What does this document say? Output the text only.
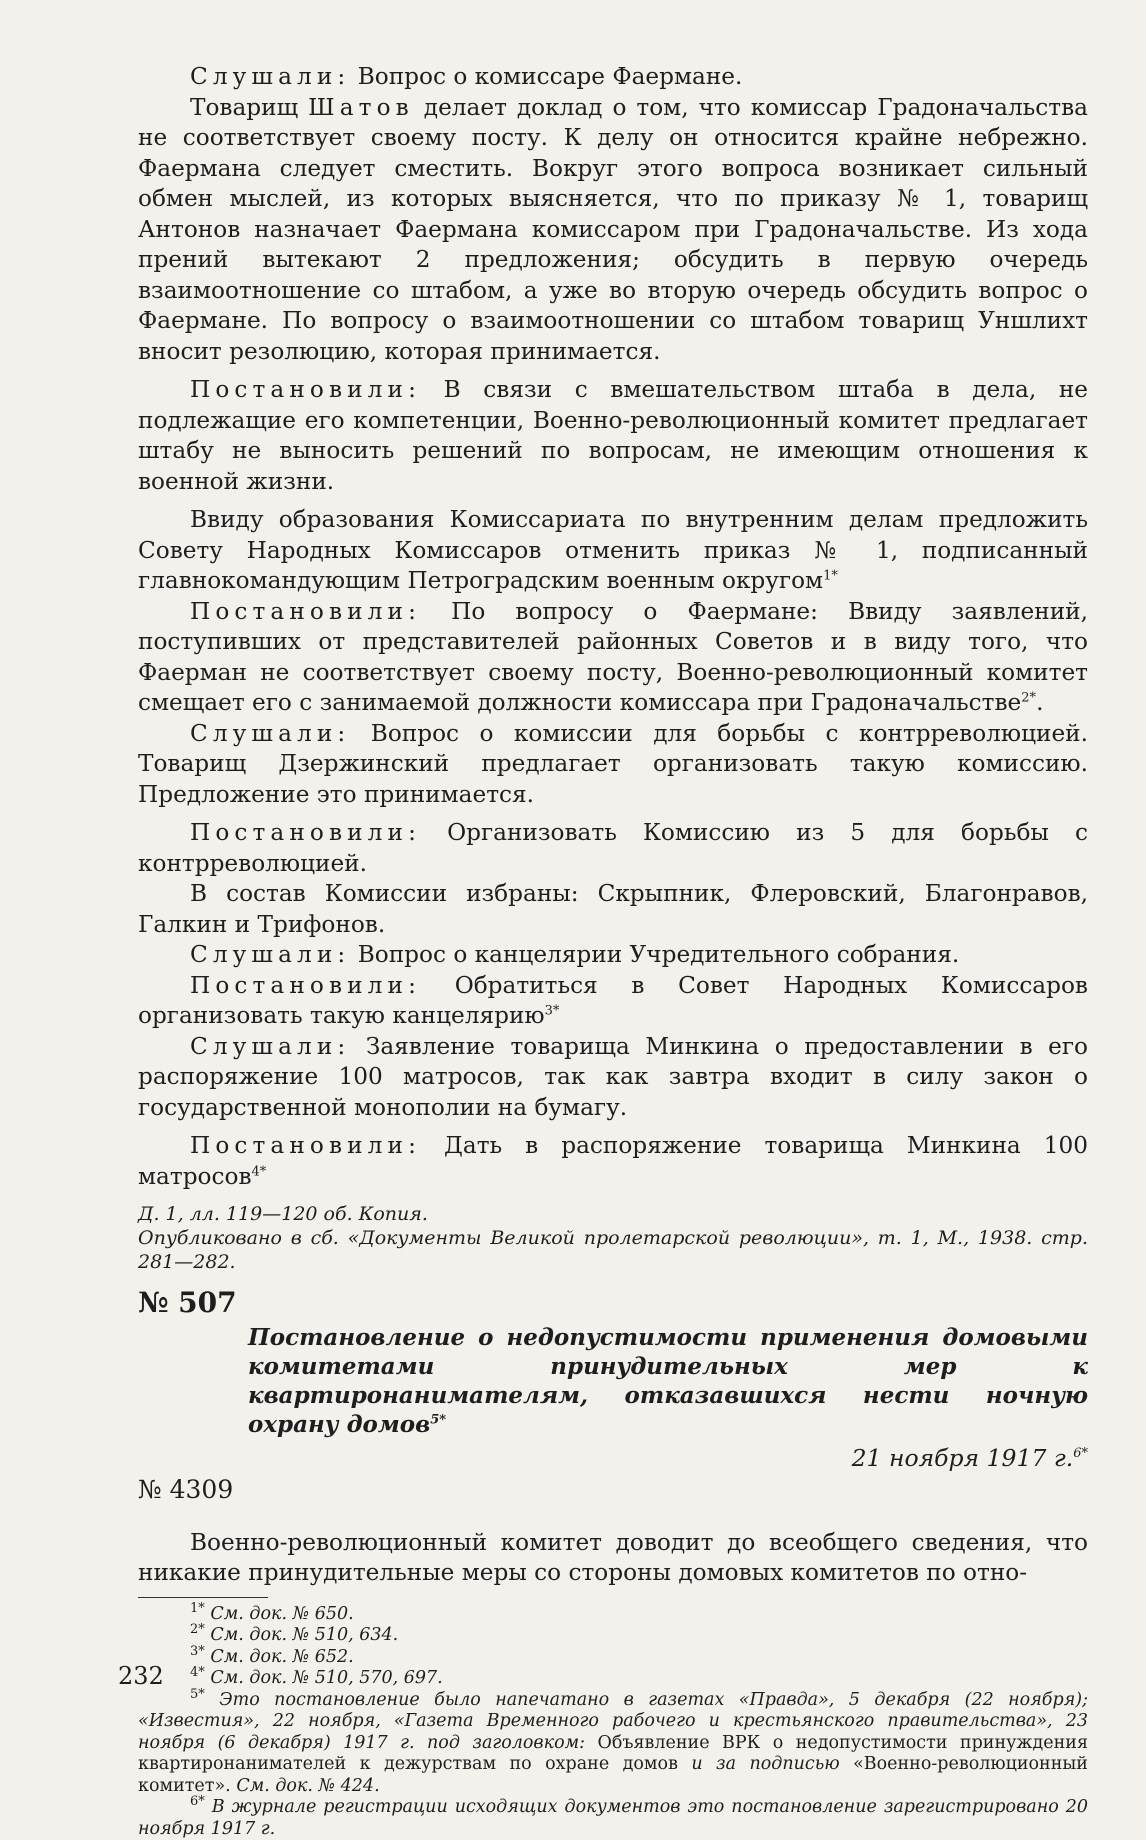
Слушали: Вопрос о комиссаре Фаермане.

Товарищ Шатов делает доклад о том, что комиссар Градоначальства не соответствует своему посту. К делу он относится крайне небрежно. Фаермана следует сместить. Вокруг этого вопроса возникает сильный обмен мыслей, из которых выясняется, что по приказу № 1, товарищ Антонов назначает Фаермана комиссаром при Градоначальстве. Из хода прений вытекают 2 предложения; обсудить в первую очередь взаимоотношение со штабом, а уже во вторую очередь обсудить вопрос о Фаермане. По вопросу о взаимоотношении со штабом товарищ Уншлихт вносит резолюцию, которая принимается.

Постановили: В связи с вмешательством штаба в дела, не подлежащие его компетенции, Военно-революционный комитет предлагает штабу не выносить решений по вопросам, не имеющим отношения к военной жизни.

Ввиду образования Комиссариата по внутренним делам предложить Совету Народных Комиссаров отменить приказ № 1, подписанный главнокомандующим Петроградским военным округом$^{1*}$

Постановили: По вопросу о Фаермане: Ввиду заявлений, поступивших от представителей районных Советов и в виду того, что Фаерман не соответствует своему посту, Военно-революционный комитет смещает его с занимаемой должности комиссара при Градоначальстве$^{2*}$.

Слушали: Вопрос о комиссии для борьбы с контрреволюцией. Товарищ Дзержинский предлагает организовать такую комиссию. Предложение это принимается.

Постановили: Организовать Комиссию из 5 для борьбы с контрреволюцией.

В состав Комиссии избраны: Скрыпник, Флеровский, Благонравов, Галкин и Трифонов.

Слушали: Вопрос о канцелярии Учредительного собрания.

Постановили: Обратиться в Совет Народных Комиссаров организовать такую канцелярию$^{3*}$

Слушали: Заявление товарища Минкина о предоставлении в его распоряжение 100 матросов, так как завтра входит в силу закон о государственной монополии на бумагу.

Постановили: Дать в распоряжение товарища Минкина 100 матросов$^{4*}$

Д. 1, лл. 119—120 об. Копия.

Опубликовано в сб. «Документы Великой пролетарской революции», т. 1, М., 1938. стр. 281—282.

№ 507

Постановление о недопустимости применения домовыми комитетами принудительных мер к квартиронанимателям, отказавшихся нести ночную охрану домов$^{5*}$

21 ноября 1917 г.$^{6*}$

№ 4309

Военно-революционный комитет доводит до всеобщего сведения, что никакие принудительные меры со стороны домовых комитетов по отно-

$^{1*}$ См. док. № 650.

$^{2*}$ См. док. № 510, 634.

$^{3*}$ См. док. № 652.

$^{4*}$ См. док. № 510, 570, 697.

$^{5*}$ Это постановление было напечатано в газетах «Правда», 5 декабря (22 ноября); «Известия», 22 ноября, «Газета Временного рабочего и крестьянского правительства», 23 ноября (6 декабря) 1917 г. под заголовком: Объявление ВРК о недопустимости принуждения квартиронанимателей к дежурствам по охране домов и за подписью «Военно-революционный комитет». См. док. № 424.

$^{6*}$ В журнале регистрации исходящих документов это постановление зарегистрировано 20 ноября 1917 г.

232
